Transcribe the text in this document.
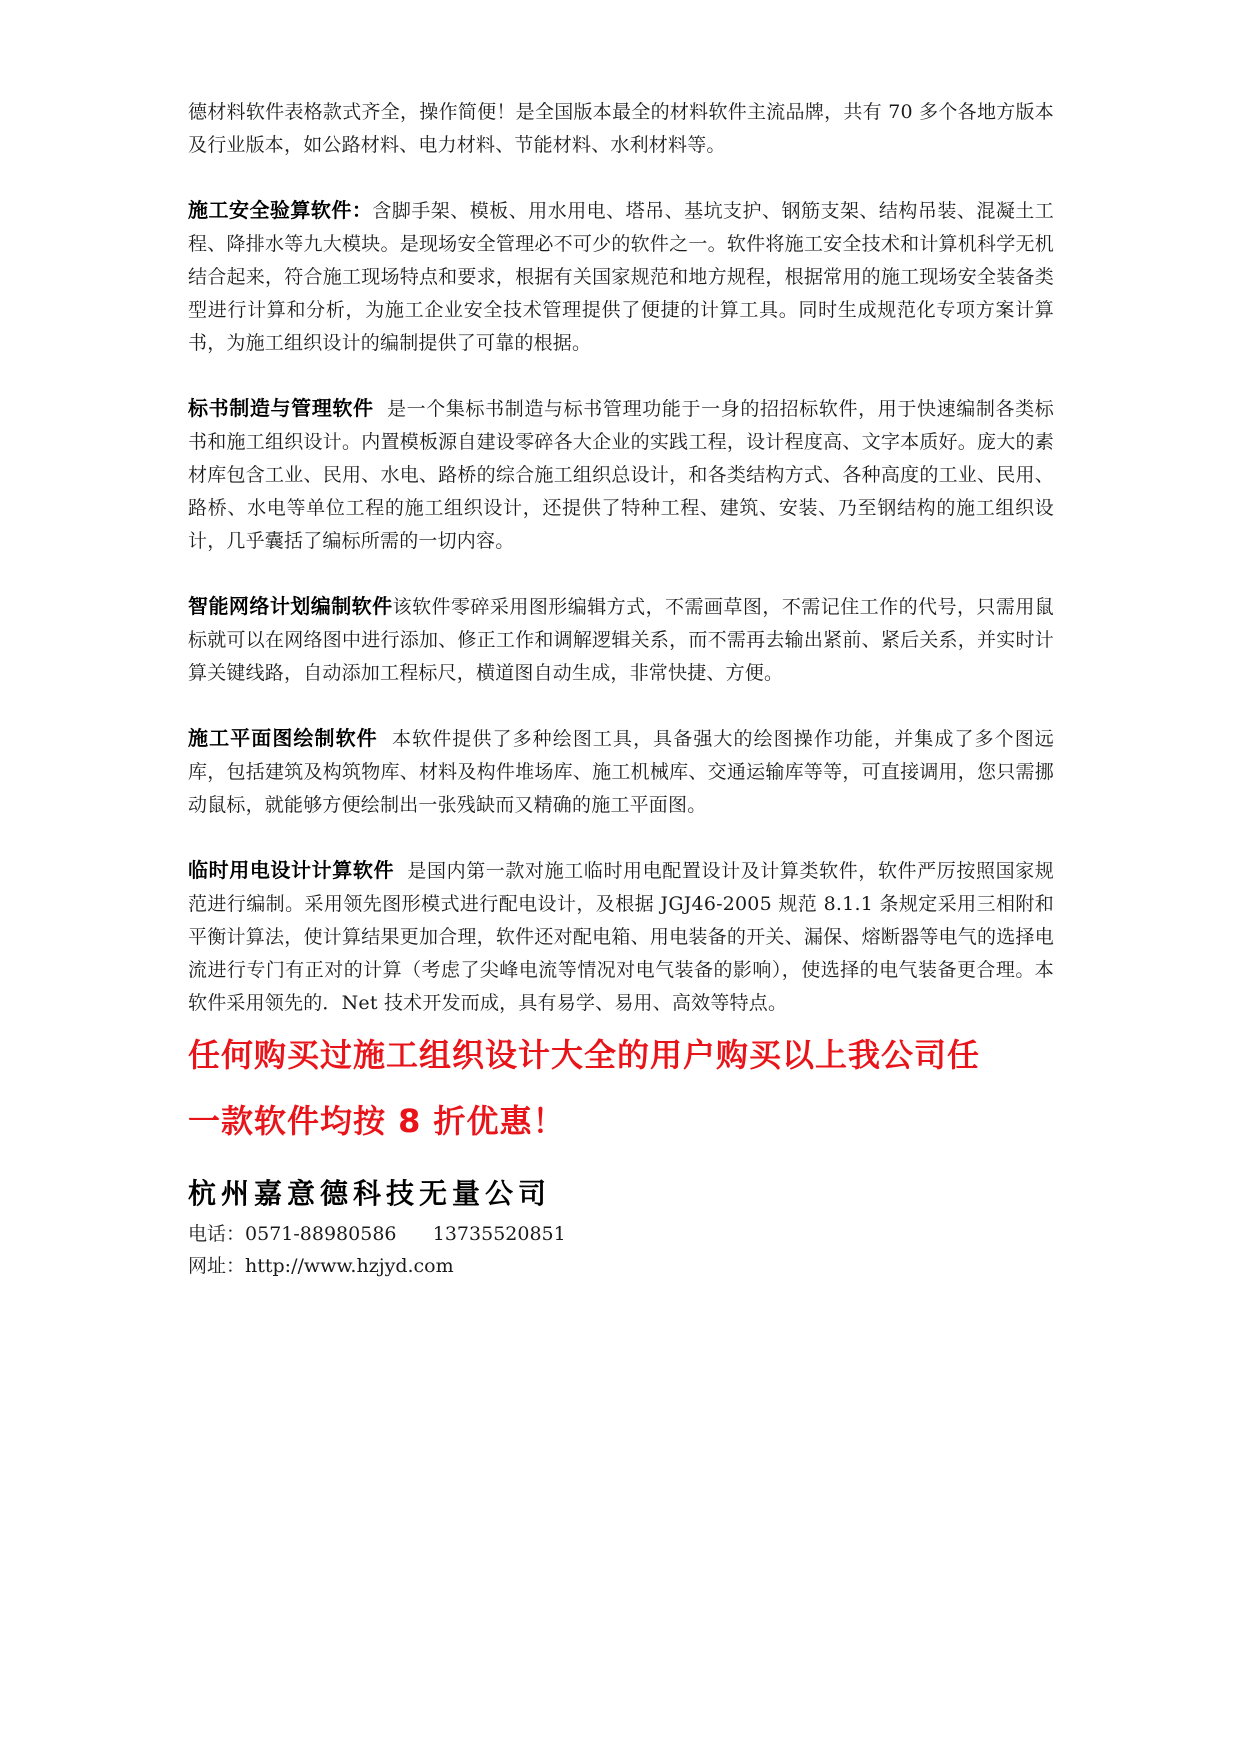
德材料软件表格款式齐全，操作简便！是全国版本最全的材料软件主流品牌，共有 70 多个各地方版本及行业版本，如公路材料、电力材料、节能材料、水利材料等。

施工安全验算软件：含脚手架、模板、用水用电、塔吊、基坑支护、钢筋支架、结构吊装、混凝土工程、降排水等九大模块。是现场安全管理必不可少的软件之一。软件将施工安全技术和计算机科学无机结合起来，符合施工现场特点和要求，根据有关国家规范和地方规程，根据常用的施工现场安全装备类型进行计算和分析，为施工企业安全技术管理提供了便捷的计算工具。同时生成规范化专项方案计算书，为施工组织设计的编制提供了可靠的根据。

标书制造与管理软件 是一个集标书制造与标书管理功能于一身的招招标软件，用于快速编制各类标书和施工组织设计。内置模板源自建设零碎各大企业的实践工程，设计程度高、文字本质好。庞大的素材库包含工业、民用、水电、路桥的综合施工组织总设计，和各类结构方式、各种高度的工业、民用、路桥、水电等单位工程的施工组织设计，还提供了特种工程、建筑、安装、乃至钢结构的施工组织设计，几乎囊括了编标所需的一切内容。

智能网络计划编制软件该软件零碎采用图形编辑方式，不需画草图，不需记住工作的代号，只需用鼠标就可以在网络图中进行添加、修正工作和调解逻辑关系，而不需再去输出紧前、紧后关系，并实时计算关键线路，自动添加工程标尺，横道图自动生成，非常快捷、方便。

施工平面图绘制软件 本软件提供了多种绘图工具，具备强大的绘图操作功能，并集成了多个图远库，包括建筑及构筑物库、材料及构件堆场库、施工机械库、交通运输库等等，可直接调用，您只需挪动鼠标，就能够方便绘制出一张残缺而又精确的施工平面图。

临时用电设计计算软件 是国内第一款对施工临时用电配置设计及计算类软件，软件严厉按照国家规范进行编制。采用领先图形模式进行配电设计，及根据 JGJ46-2005 规范 8.1.1 条规定采用三相附和平衡计算法，使计算结果更加合理，软件还对配电箱、用电装备的开关、漏保、熔断器等电气的选择电流进行专门有正对的计算（考虑了尖峰电流等情况对电气装备的影响），使选择的电气装备更合理。本软件采用领先的．Net 技术开发而成，具有易学、易用、高效等特点。

任何购买过施工组织设计大全的用户购买以上我公司任

一款软件均按 8 折优惠！

杭州嘉意德科技无量公司

电话：0571-88980586 13735520851

网址：http://www.hzjyd.com
